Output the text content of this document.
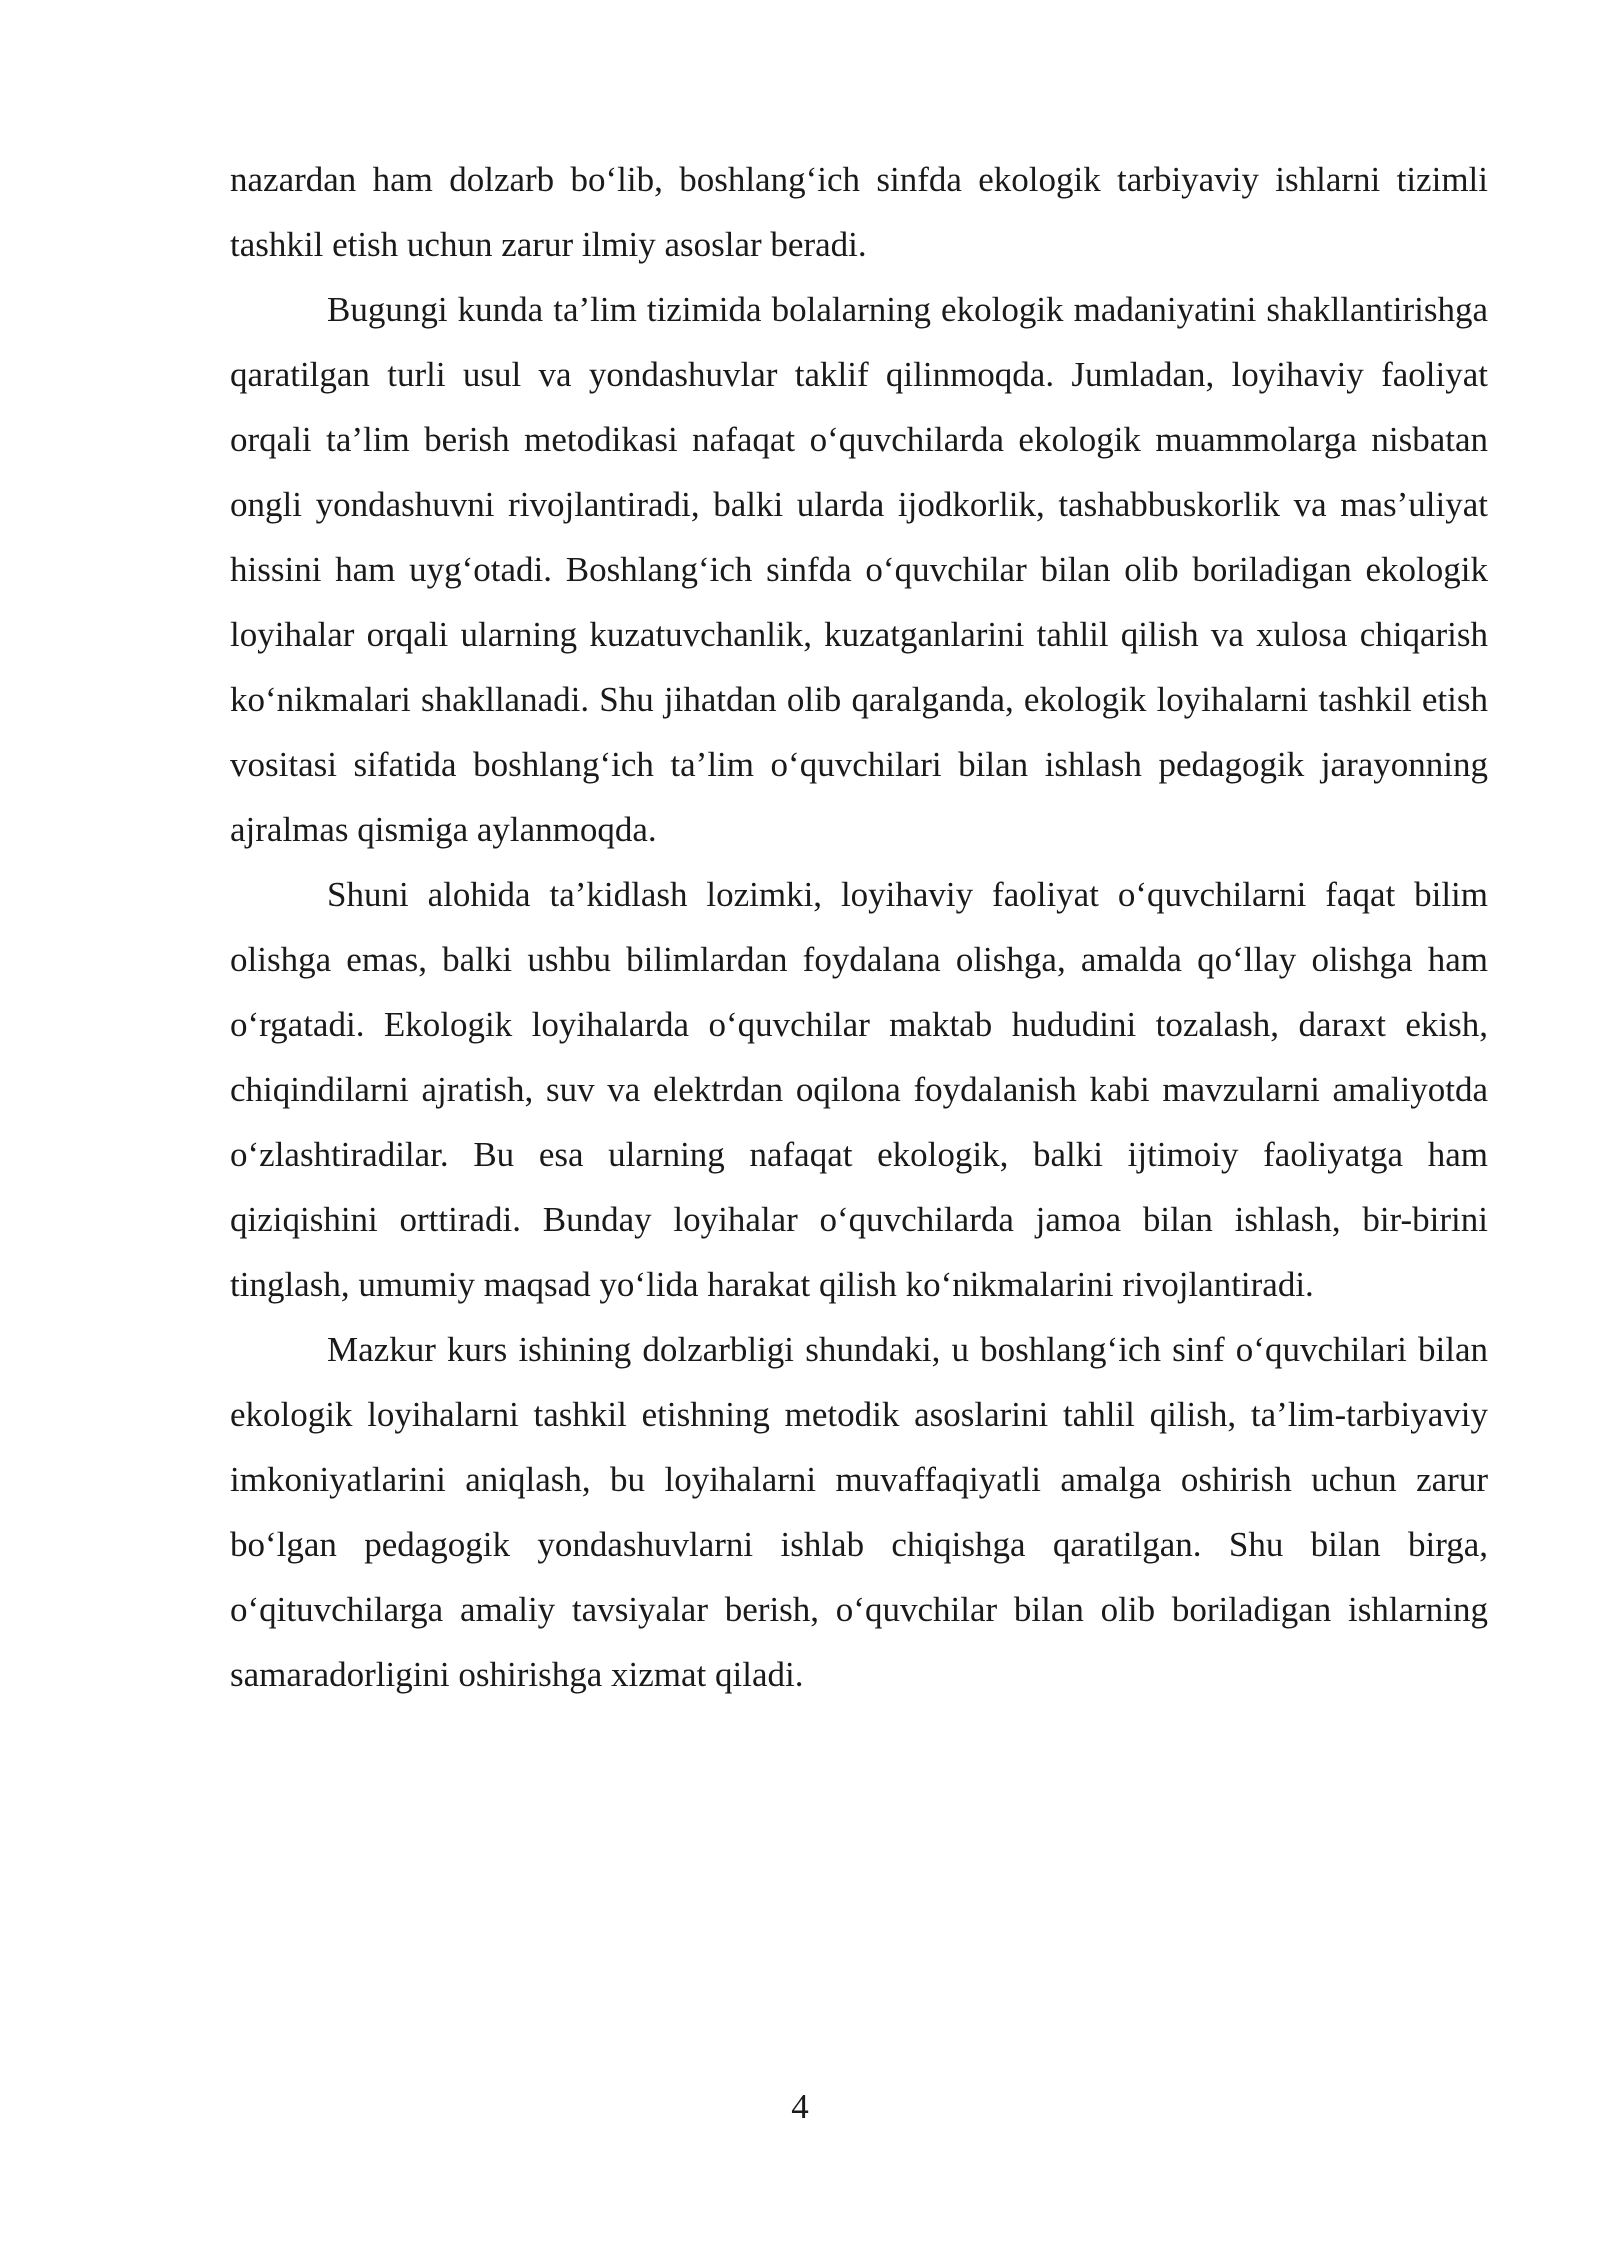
nazardan ham dolzarb bo‘lib, boshlang‘ich sinfda ekologik tarbiyaviy ishlarni tizimli tashkil etish uchun zarur ilmiy asoslar beradi.

Bugungi kunda ta’lim tizimida bolalarning ekologik madaniyatini shakllantirishga qaratilgan turli usul va yondashuvlar taklif qilinmoqda. Jumladan, loyihaviy faoliyat orqali ta’lim berish metodikasi nafaqat o‘quvchilarda ekologik muammolarga nisbatan ongli yondashuvni rivojlantiradi, balki ularda ijodkorlik, tashabbuskorlik va mas’uliyat hissini ham uyg‘otadi. Boshlang‘ich sinfda o‘quvchilar bilan olib boriladigan ekologik loyihalar orqali ularning kuzatuvchanlik, kuzatganlarini tahlil qilish va xulosa chiqarish ko‘nikmalari shakllanadi. Shu jihatdan olib qaralganda, ekologik loyihalarni tashkil etish vositasi sifatida boshlang‘ich ta’lim o‘quvchilari bilan ishlash pedagogik jarayonning ajralmas qismiga aylanmoqda.

Shuni alohida ta’kidlash lozimki, loyihaviy faoliyat o‘quvchilarni faqat bilim olishga emas, balki ushbu bilimlardan foydalana olishga, amalda qo‘llay olishga ham o‘rgatadi. Ekologik loyihalarda o‘quvchilar maktab hududini tozalash, daraxt ekish, chiqindilarni ajratish, suv va elektrdan oqilona foydalanish kabi mavzularni amaliyotda o‘zlashtiradilar. Bu esa ularning nafaqat ekologik, balki ijtimoiy faoliyatga ham qiziqishini orttiradi. Bunday loyihalar o‘quvchilarda jamoa bilan ishlash, bir-birini tinglash, umumiy maqsad yo‘lida harakat qilish ko‘nikmalarini rivojlantiradi.

Mazkur kurs ishining dolzarbligi shundaki, u boshlang‘ich sinf o‘quvchilari bilan ekologik loyihalarni tashkil etishning metodik asoslarini tahlil qilish, ta’lim-tarbiyaviy imkoniyatlarini aniqlash, bu loyihalarni muvaffaqiyatli amalga oshirish uchun zarur bo‘lgan pedagogik yondashuvlarni ishlab chiqishga qaratilgan. Shu bilan birga, o‘qituvchilarga amaliy tavsiyalar berish, o‘quvchilar bilan olib boriladigan ishlarning samaradorligini oshirishga xizmat qiladi.

4
